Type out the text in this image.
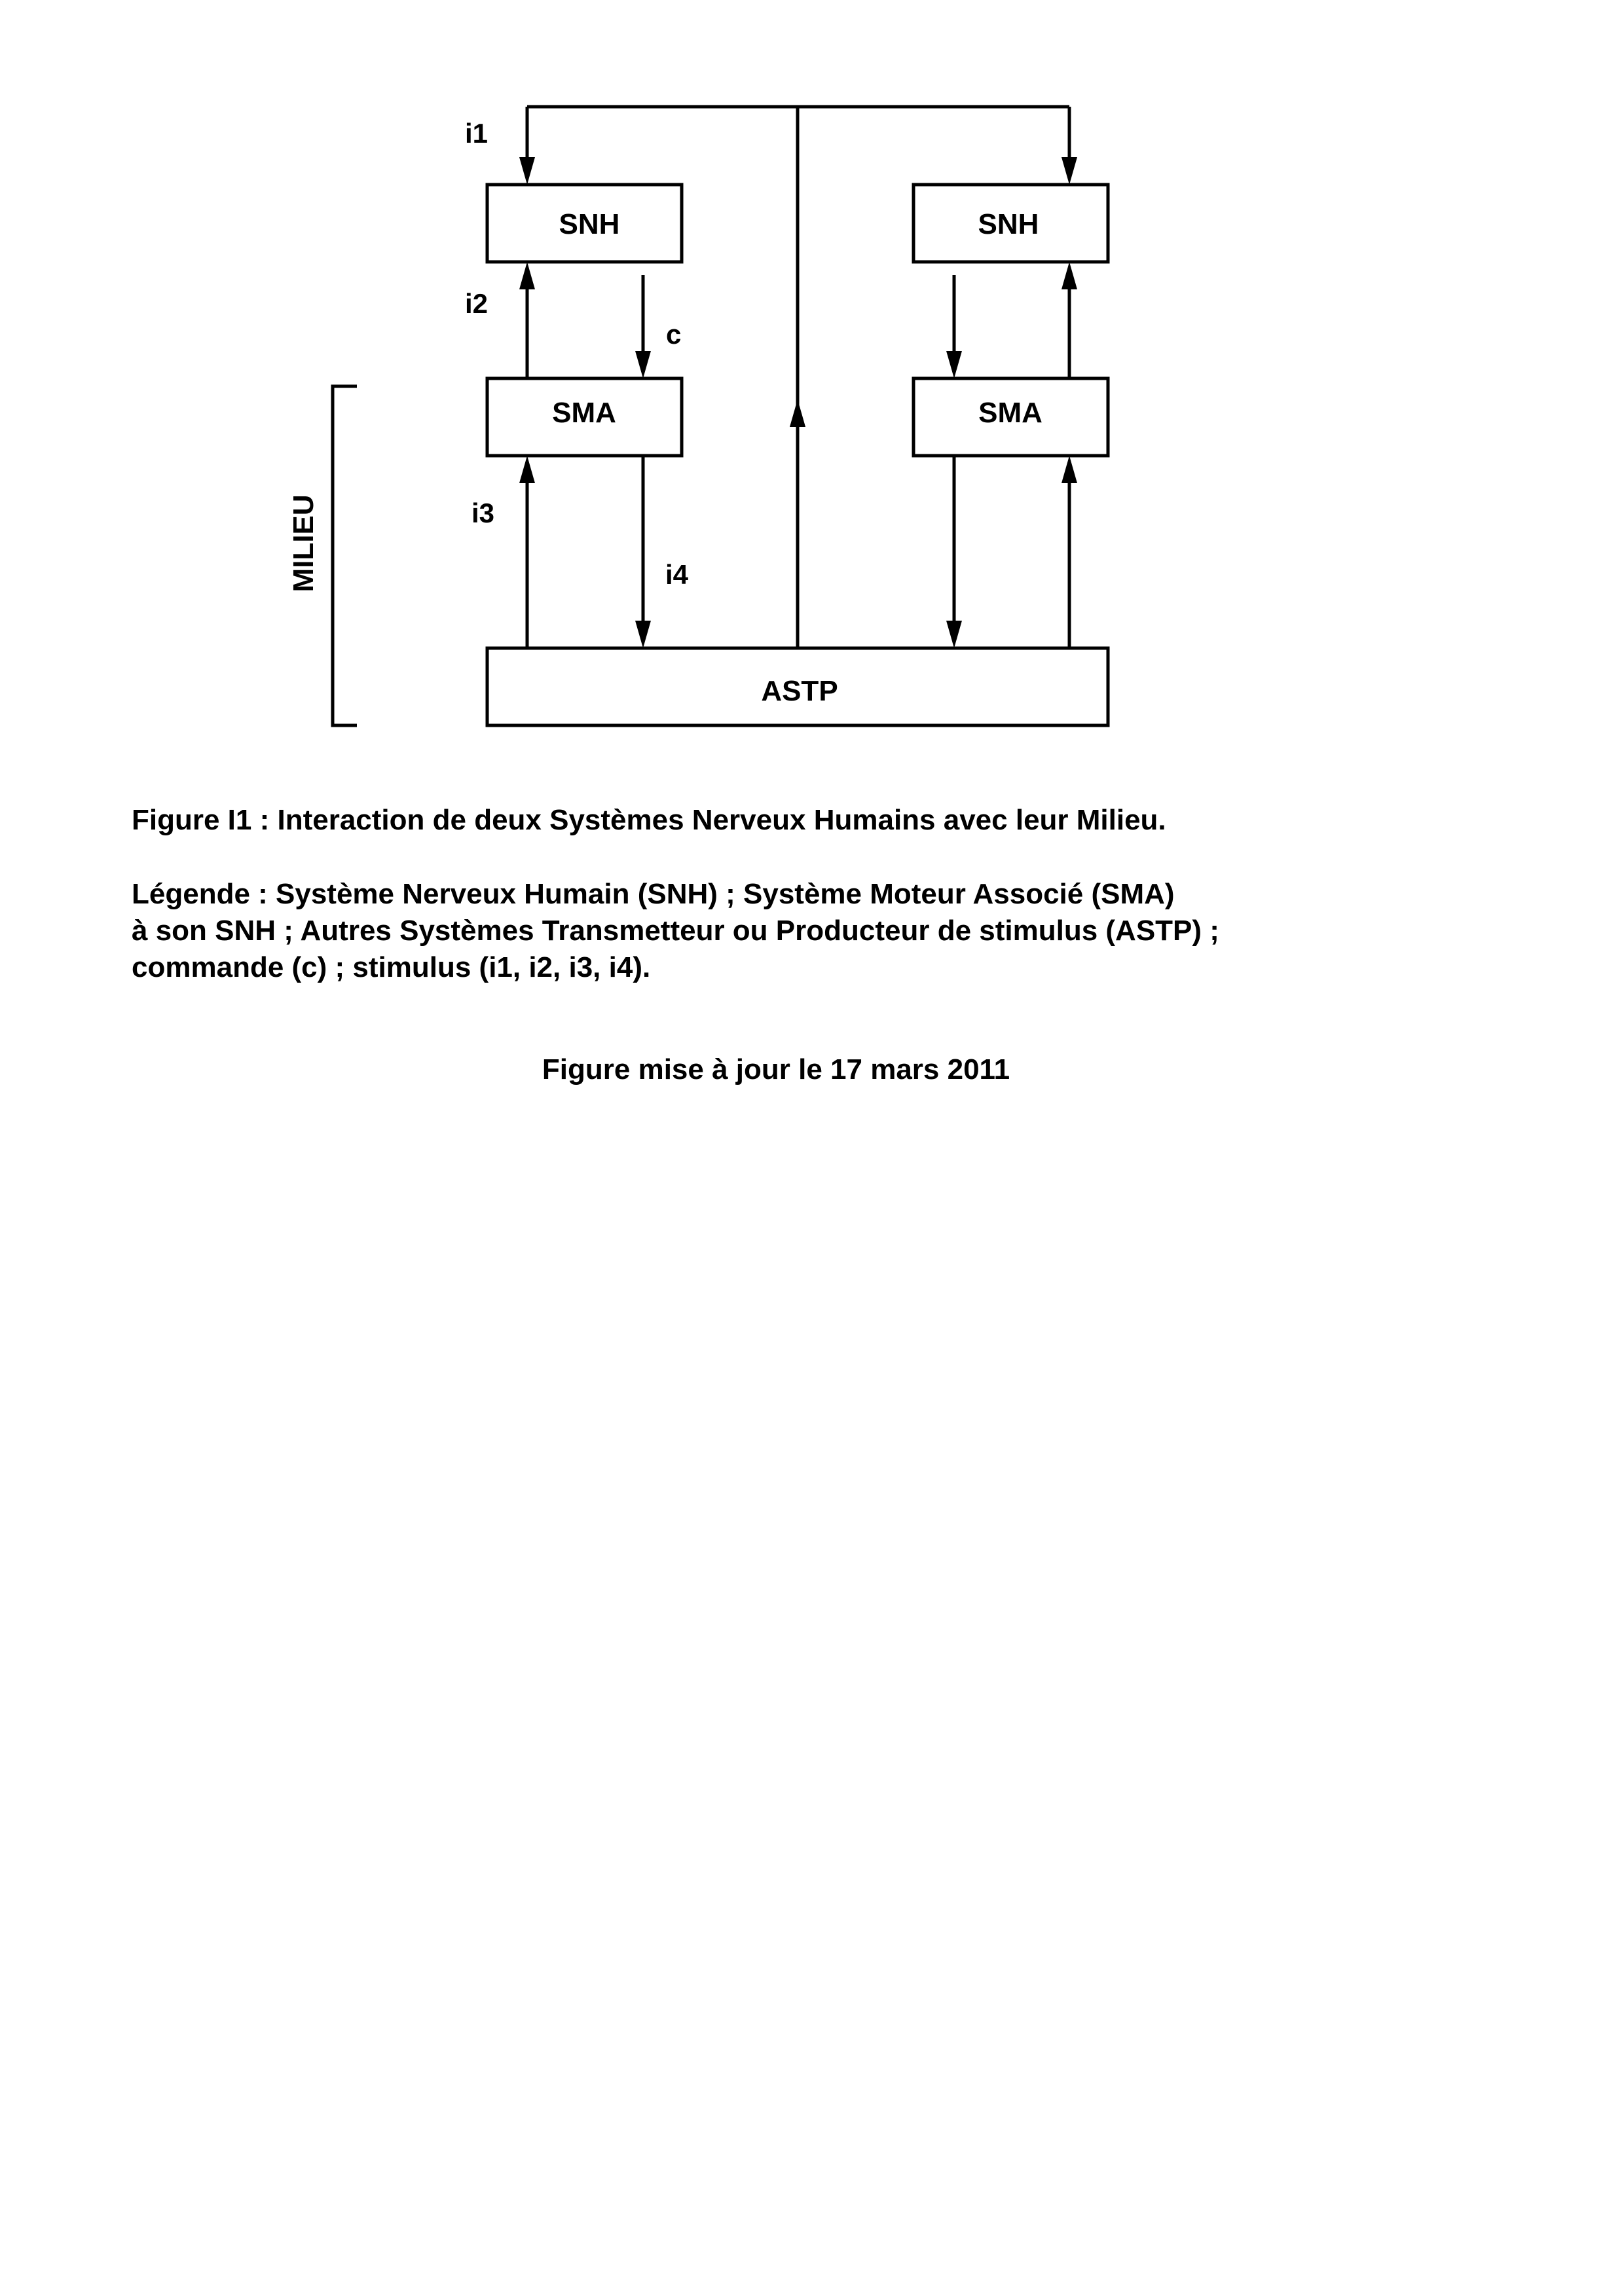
SNH	SNH
SMA	SMA
ASTP
i1
i2
c
i3
i4
MILIEU
Figure I1 : Interaction de deux Systèmes Nerveux Humains avec leur Milieu.
Légende : Système Nerveux Humain (SNH) ; Système Moteur Associé (SMA)
à son SNH ; Autres Systèmes Transmetteur ou Producteur de stimulus (ASTP) ;
commande (c) ; stimulus (i1, i2, i3, i4).
Figure mise à jour le 17 mars 2011
